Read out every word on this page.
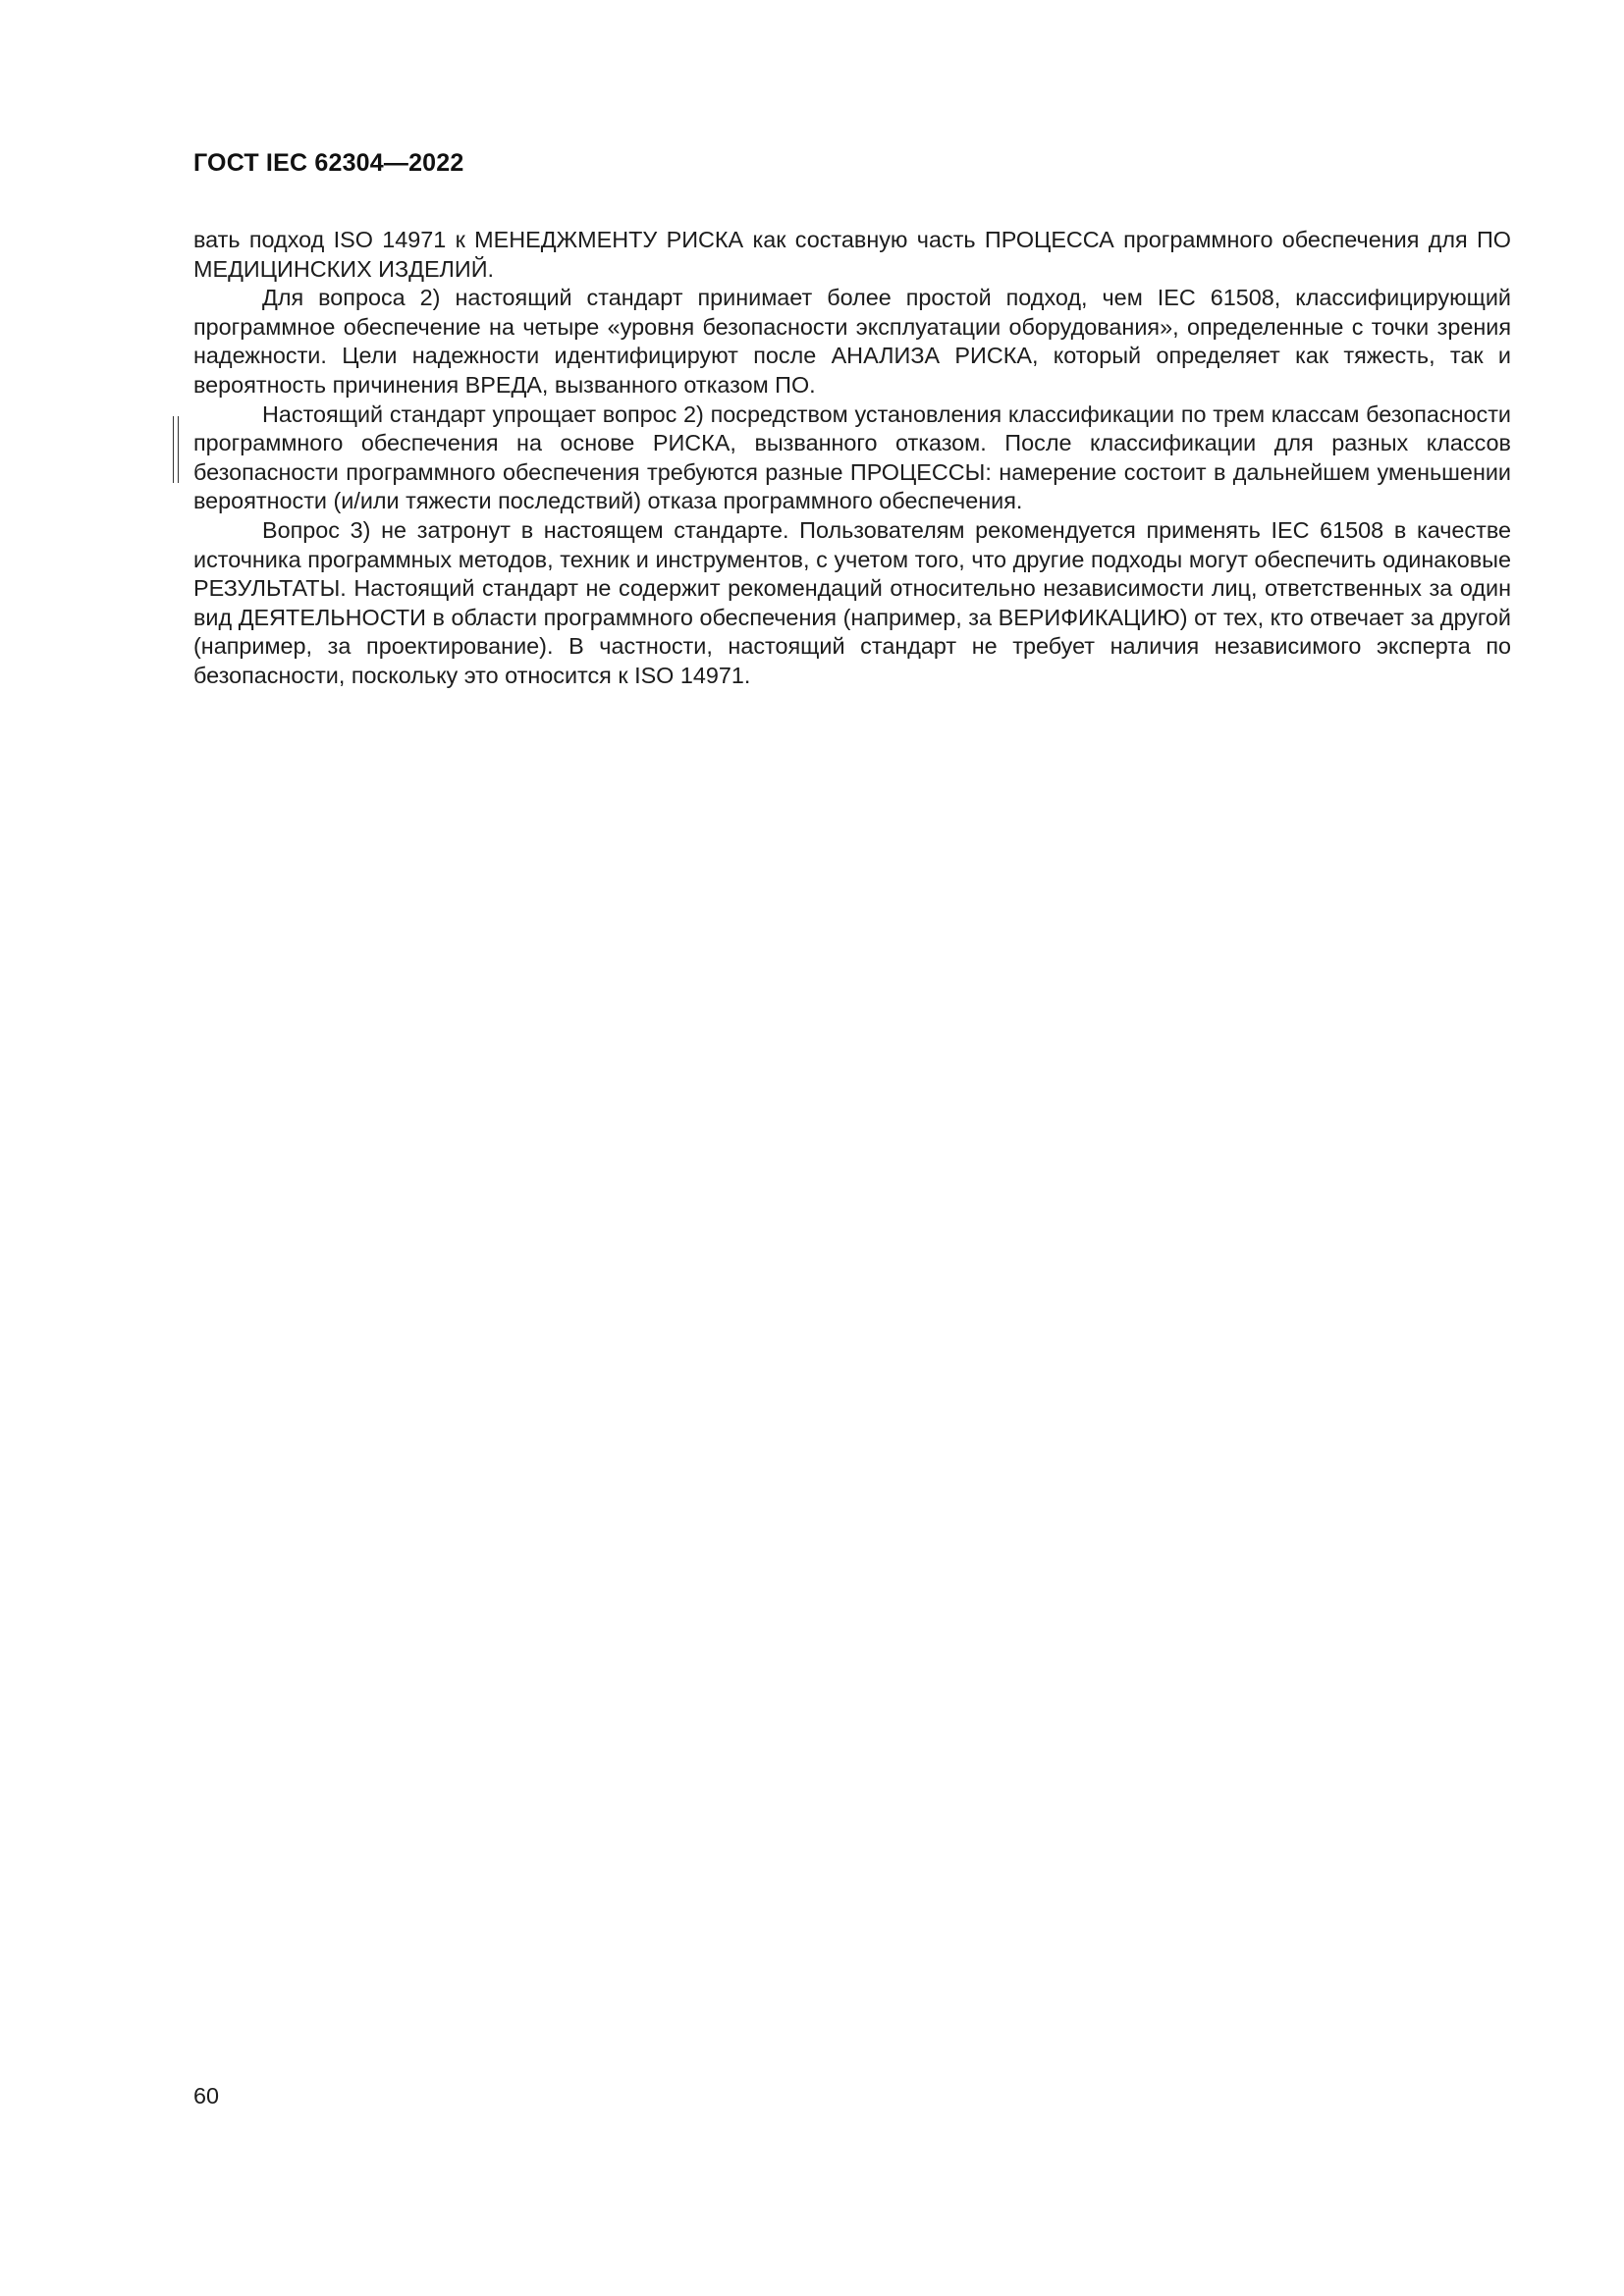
ГОСТ IEC 62304—2022

вать подход ISO 14971 к МЕНЕДЖМЕНТУ РИСКА как составную часть ПРОЦЕССА программного обеспечения для ПО МЕДИЦИНСКИХ ИЗДЕЛИЙ.

Для вопроса 2) настоящий стандарт принимает более простой подход, чем IEC 61508, классифицирующий программное обеспечение на четыре «уровня безопасности эксплуатации оборудования», определенные с точки зрения надежности. Цели надежности идентифицируют после АНАЛИЗА РИСКА, который определяет как тяжесть, так и вероятность причинения ВРЕДА, вызванного отказом ПО.

Настоящий стандарт упрощает вопрос 2) посредством установления классификации по трем классам безопасности программного обеспечения на основе РИСКА, вызванного отказом. После классификации для разных классов безопасности программного обеспечения требуются разные ПРОЦЕССЫ: намерение состоит в дальнейшем уменьшении вероятности (и/или тяжести последствий) отказа программного обеспечения.

Вопрос 3) не затронут в настоящем стандарте. Пользователям рекомендуется применять IEC 61508 в качестве источника программных методов, техник и инструментов, с учетом того, что другие подходы могут обеспечить одинаковые РЕЗУЛЬТАТЫ. Настоящий стандарт не содержит рекомендаций относительно независимости лиц, ответственных за один вид ДЕЯТЕЛЬНОСТИ в области программного обеспечения (например, за ВЕРИФИКАЦИЮ) от тех, кто отвечает за другой (например, за проектирование). В частности, настоящий стандарт не требует наличия независимого эксперта по безопасности, поскольку это относится к ISO 14971.

60
